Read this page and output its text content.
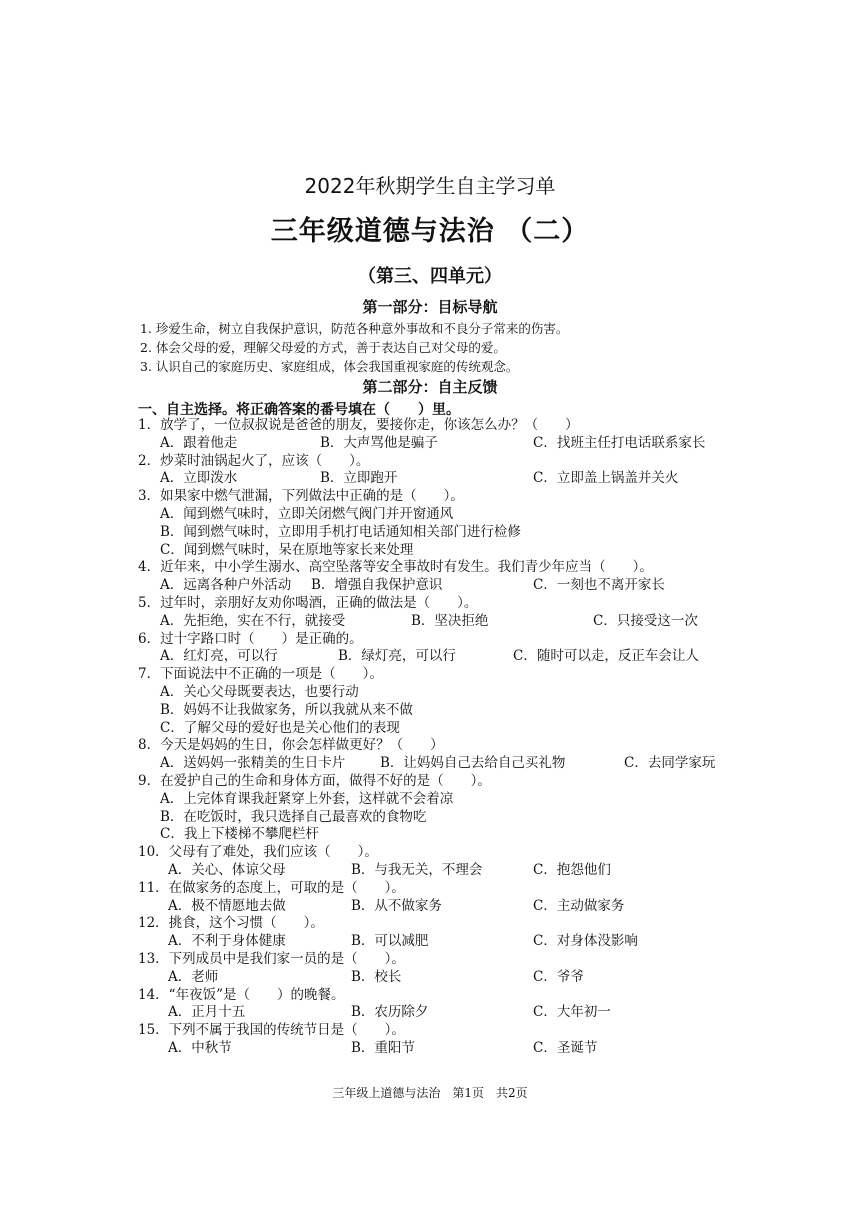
2022年秋期学生自主学习单
三年级道德与法治 （二）
（第三、四单元）
第一部分：目标导航
1. 珍爱生命，树立自我保护意识，防范各种意外事故和不良分子常来的伤害。
2. 体会父母的爱，理解父母爱的方式，善于表达自己对父母的爱。
3. 认识自己的家庭历史、家庭组成，体会我国重视家庭的传统观念。
第二部分：自主反馈
一、自主选择。将正确答案的番号填在（　　）里。
1．放学了，一位叔叔说是爸爸的朋友，要接你走，你该怎么办？（　　）
A．跟着他走	B．大声骂他是骗子	C．找班主任打电话联系家长
2．炒菜时油锅起火了，应该（　　）。
A．立即泼水	B．立即跑开	C．立即盖上锅盖并关火
3．如果家中燃气泄漏，下列做法中正确的是（　　）。
A．闻到燃气味时，立即关闭燃气阀门并开窗通风
B．闻到燃气味时，立即用手机打电话通知相关部门进行检修
C．闻到燃气味时，呆在原地等家长来处理
4．近年来，中小学生溺水、高空坠落等安全事故时有发生。我们青少年应当（　　）。
A．远离各种户外活动 B．增强自我保护意识	C．一刻也不离开家长
5．过年时，亲朋好友劝你喝酒，正确的做法是（　　）。
A．先拒绝，实在不行，就接受	B．坚决拒绝	C．只接受这一次
6．过十字路口时（　　）是正确的。
A．红灯亮，可以行	B．绿灯亮，可以行	C．随时可以走，反正车会让人
7．下面说法中不正确的一项是（　　）。
A．关心父母既要表达，也要行动
B．妈妈不让我做家务，所以我就从来不做
C．了解父母的爱好也是关心他们的表现
8．今天是妈妈的生日，你会怎样做更好？（　　）
A．送妈妈一张精美的生日卡片	B．让妈妈自己去给自己买礼物	C．去同学家玩
9．在爱护自己的生命和身体方面，做得不好的是（　　）。
A．上完体育课我赶紧穿上外套，这样就不会着凉
B．在吃饭时，我只选择自己最喜欢的食物吃
C．我上下楼梯不攀爬栏杆
10．父母有了难处，我们应该（　　）。
A．关心、体谅父母	B．与我无关，不理会	C．抱怨他们
11．在做家务的态度上，可取的是（　　）。
A．极不情愿地去做	B．从不做家务	C．主动做家务
12．挑食，这个习惯（　　）。
A．不利于身体健康	B．可以减肥	C．对身体没影响
13．下列成员中是我们家一员的是（　　）。
A．老师	B．校长	C．爷爷
14．“年夜饭”是（　　）的晚餐。
A．正月十五	B．农历除夕	C．大年初一
15．下列不属于我国的传统节日是（　　）。
A．中秋节	B．重阳节	C．圣诞节
三年级上道德与法治　第1页　共2页
